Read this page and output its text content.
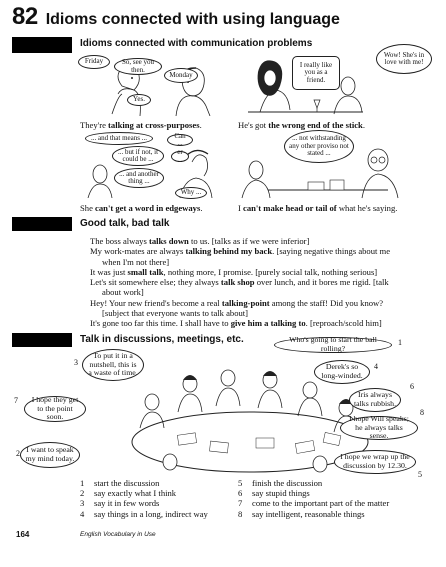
82 Idioms connected with using language
Idioms connected with communication problems
Friday	So, see you then.
Monday
Yes.
I really like you as a friend.
Wow! She's in love with me!
They're talking at cross-purposes.	He's got the wrong end of the stick.
... and that means ...	Can ...
... but if not, it could be ...
er ...
... and another thing ...
Why ...
... not withstanding any other proviso not stated ...
She can't get a word in edgeways.	I can't make head or tail of what he's saying.
Good talk, bad talk
The boss always talks down to us. [talks as if we were inferior]
My work-mates are always talking behind my back. [saying negative things about me
when I'm not there]
It was just small talk, nothing more, I promise. [purely social talk, nothing serious]
Let's sit somewhere else; they always talk shop over lunch, and it bores me rigid. [talk
about work]
Hey! Your new friend's become a real talking-point among the staff! Did you know?
[subject that everyone wants to talk about]
It's gone too far this time. I shall have to give him a talking to. [reproach/scold him]
Talk in discussions, meetings, etc.	Who's going to start the ball rolling?
To put it in a nutshell, this is a waste of time.
Derek's so long-winded.
Iris always talks rubbish.
I hope they get to the point soon.	I hope Will speaks; he always talks sense.
I want to speak my mind today.	I hope we wrap up the discussion by 12.30.
1
2
3	4
5
6
7
8
1 start the discussion
2 say exactly what I think
3 say it in few words
4 say things in a long, indirect way
5 finish the discussion
6 say stupid things
7 come to the important part of the matter
8 say intelligent, reasonable things
164	English Vocabulary in Use
